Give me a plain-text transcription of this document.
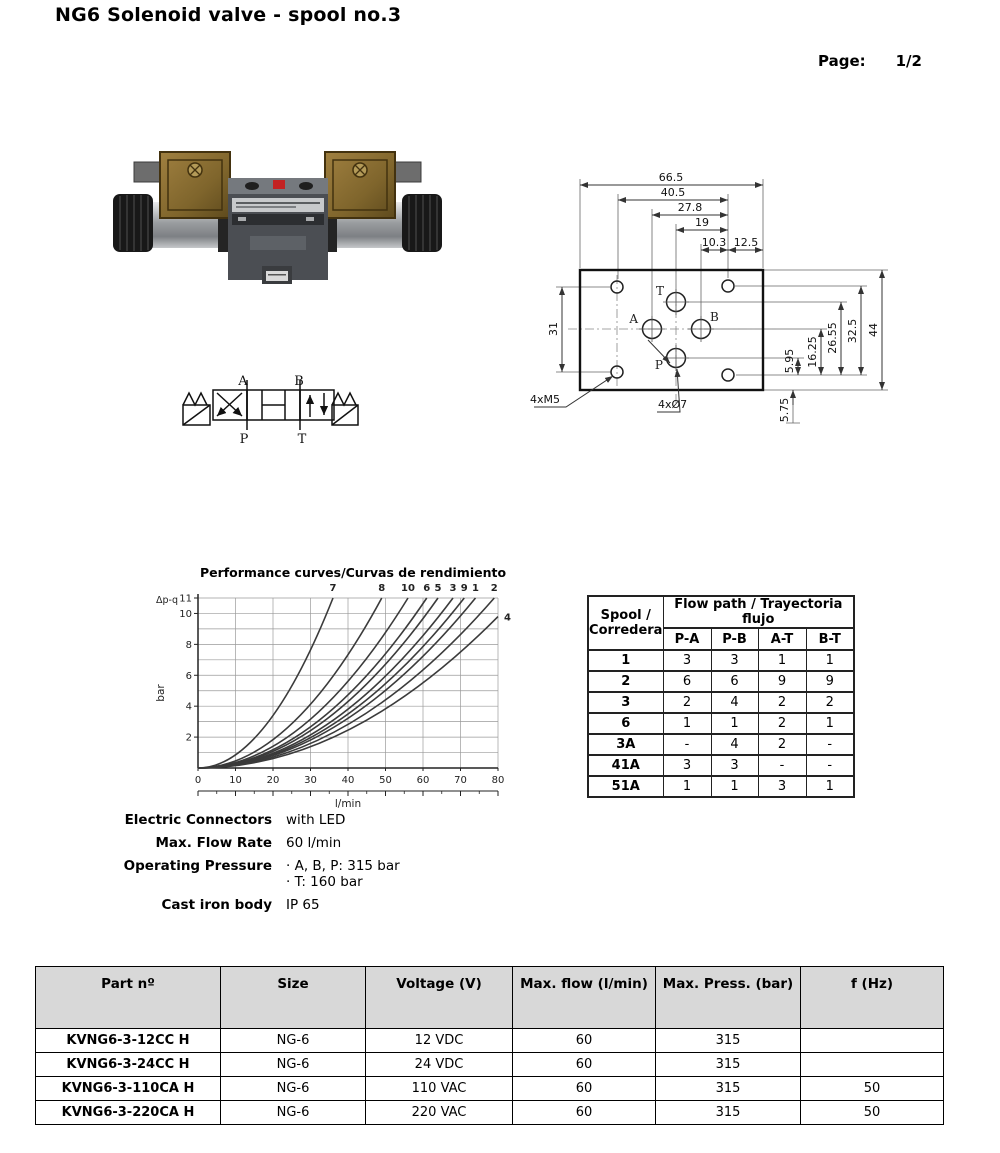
NG6 Solenoid valve - spool no.3
Page: 1/2
66.5
40.5
27.8
19
10.3 12.5
31
5.95 16.25 26.55 32.5 44
5.75
4xM5	4xØ7
T
A	B
P
A	B
P	T
Performance curves/Curvas de rendimiento
2
4
6
8
10
11
0	10 20 30 40 50 60 70 80
l/min
Δp-q
bar
7	8 10 6 5 3 9 1 2
4	Spool /
Corredera	Flow path / Trayectoria flujo			
	P-A	P-B	A-T	B-T
1	3	3	1	1
2	6	6	9	9
3	2	4	2	2
6	1	1	2	1
3A	-	4	2	-
41A	3	3	-	-
51A	1	1	3	1
Electric Connectors with LED
Max. Flow Rate 60 l/min
Operating Pressure · A, B, P: 315 bar
· T: 160 bar
Cast iron body IP 65
Part nº	Size	Voltage (V)	Max. flow (l/min)	Max. Press. (bar)	f (Hz)
KVNG6-3-12CC H	NG-6	12 VDC	60	315	
KVNG6-3-24CC H	NG-6	24 VDC	60	315	
KVNG6-3-110CA H	NG-6	110 VAC	60	315	50
KVNG6-3-220CA H	NG-6	220 VAC	60	315	50
